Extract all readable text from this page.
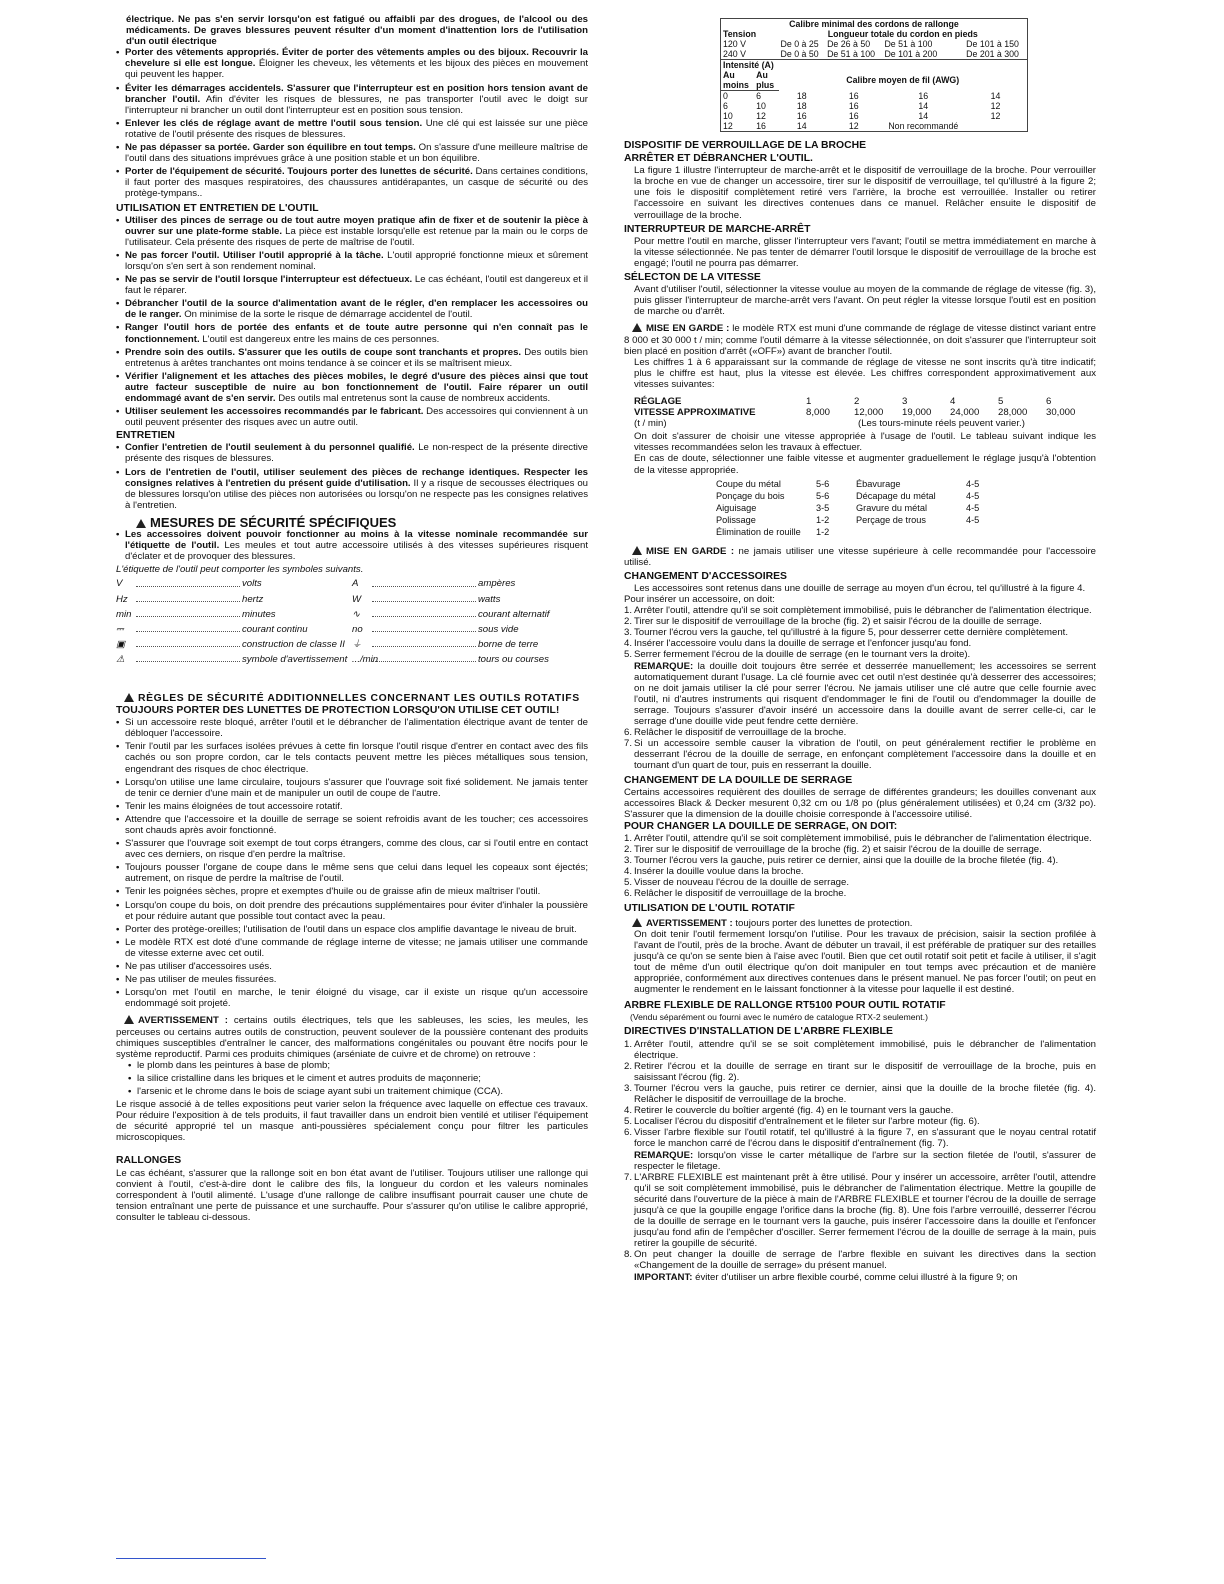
électrique. Ne pas s'en servir lorsqu'on est fatigué ou affaibli par des drogues, de l'alcool ou des médicaments. De graves blessures peuvent résulter d'un moment d'inattention lors de l'utilisation d'un outil électrique

• Porter des vêtements appropriés. Éviter de porter des vêtements amples ou des bijoux. Recouvrir la chevelure si elle est longue. Éloigner les cheveux, les vêtements et les bijoux des pièces en mouvement qui peuvent les happer.
• Éviter les démarrages accidentels. S'assurer que l'interrupteur est en position hors tension avant de brancher l'outil. Afin d'éviter les risques de blessures, ne pas transporter l'outil avec le doigt sur l'interrupteur ni brancher un outil dont l'interrupteur est en position sous tension.
• Enlever les clés de réglage avant de mettre l'outil sous tension. Une clé qui est laissée sur une pièce rotative de l'outil présente des risques de blessures.
• Ne pas dépasser sa portée. Garder son équilibre en tout temps. On s'assure d'une meilleure maîtrise de l'outil dans des situations imprévues grâce à une position stable et un bon équilibre.
• Porter de l'équipement de sécurité. Toujours porter des lunettes de sécurité. Dans certaines conditions, il faut porter des masques respiratoires, des chaussures antidérapantes, un casque de sécurité ou des protège-tympans..

UTILISATION ET ENTRETIEN DE L'OUTIL

• Utiliser des pinces de serrage ou de tout autre moyen pratique afin de fixer et de soutenir la pièce à ouvrer sur une plate-forme stable. La pièce est instable lorsqu'elle est retenue par la main ou le corps de l'utilisateur. Cela présente des risques de perte de maîtrise de l'outil.
• Ne pas forcer l'outil. Utiliser l'outil approprié à la tâche. L'outil approprié fonctionne mieux et sûrement lorsqu'on s'en sert à son rendement nominal.
• Ne pas se servir de l'outil lorsque l'interrupteur est défectueux. Le cas échéant, l'outil est dangereux et il faut le réparer.
• Débrancher l'outil de la source d'alimentation avant de le régler, d'en remplacer les accessoires ou de le ranger. On minimise de la sorte le risque de démarrage accidentel de l'outil.
• Ranger l'outil hors de portée des enfants et de toute autre personne qui n'en connaît pas le fonctionnement. L'outil est dangereux entre les mains de ces personnes.
• Prendre soin des outils. S'assurer que les outils de coupe sont tranchants et propres. Des outils bien entretenus à arêtes tranchantes ont moins tendance à se coincer et ils se maîtrisent mieux.
• Vérifier l'alignement et les attaches des pièces mobiles, le degré d'usure des pièces ainsi que tout autre facteur susceptible de nuire au bon fonctionnement de l'outil. Faire réparer un outil endommagé avant de s'en servir. Des outils mal entretenus sont la cause de nombreux accidents.
• Utiliser seulement les accessoires recommandés par le fabricant. Des accessoires qui conviennent à un outil peuvent présenter des risques avec un autre outil.

ENTRETIEN

• Confier l'entretien de l'outil seulement à du personnel qualifié. Le non-respect de la présente directive présente des risques de blessures.
• Lors de l'entretien de l'outil, utiliser seulement des pièces de rechange identiques. Respecter les consignes relatives à l'entretien du présent guide d'utilisation. Il y a risque de secousses électriques ou de blessures lorsqu'on utilise des pièces non autorisées ou lorsqu'on ne respecte pas les consignes relatives à l'entretien.

MESURES DE SÉCURITÉ SPÉCIFIQUES

• Les accessoires doivent pouvoir fonctionner au moins à la vitesse nominale recommandée sur l'étiquette de l'outil. Les meules et tout autre accessoire utilisés à des vitesses supérieures risquent d'éclater et de provoquer des blessures.

L'étiquette de l'outil peut comporter les symboles suivants.

V	volts	A	ampères
Hz	hertz	W	watts
min	minutes	∿	courant alternatif
⎓	courant continu	no	sous vide
▣	construction de classe II ⏚	borne de terre
⚠	symbole d'avertissement .../min	tours ou courses

RÈGLES DE SÉCURITÉ ADDITIONNELLES CONCERNANT LES OUTILS ROTATIFS

TOUJOURS PORTER DES LUNETTES DE PROTECTION LORSQU'ON UTILISE CET OUTIL!

• Si un accessoire reste bloqué, arrêter l'outil et le débrancher de l'alimentation électrique avant de tenter de débloquer l'accessoire.
• Tenir l'outil par les surfaces isolées prévues à cette fin lorsque l'outil risque d'entrer en contact avec des fils cachés ou son propre cordon, car le tels contacts peuvent mettre les pièces métalliques sous tension, engendrant des risques de choc électrique.
• Lorsqu'on utilise une lame circulaire, toujours s'assurer que l'ouvrage soit fixé solidement. Ne jamais tenter de tenir ce dernier d'une main et de manipuler un outil de coupe de l'autre.
• Tenir les mains éloignées de tout accessoire rotatif.
• Attendre que l'accessoire et la douille de serrage se soient refroidis avant de les toucher; ces accessoires sont chauds après avoir fonctionné.
• S'assurer que l'ouvrage soit exempt de tout corps étrangers, comme des clous, car si l'outil entre en contact avec ces derniers, on risque d'en perdre la maîtrise.
• Toujours pousser l'organe de coupe dans le même sens que celui dans lequel les copeaux sont éjectés; autrement, on risque de perdre la maîtrise de l'outil.
• Tenir les poignées sèches, propre et exemptes d'huile ou de graisse afin de mieux maîtriser l'outil.
• Lorsqu'on coupe du bois, on doit prendre des précautions supplémentaires pour éviter d'inhaler la poussière et pour réduire autant que possible tout contact avec la peau.
• Porter des protège-oreilles; l'utilisation de l'outil dans un espace clos amplifie davantage le niveau de bruit.
• Le modèle RTX est doté d'une commande de réglage interne de vitesse; ne jamais utiliser une commande de vitesse externe avec cet outil.
• Ne pas utiliser d'accessoires usés.
• Ne pas utiliser de meules fissurées.
• Lorsqu'on met l'outil en marche, le tenir éloigné du visage, car il existe un risque qu'un accessoire endommagé soit projeté.

AVERTISSEMENT : certains outils électriques, tels que les sableuses, les scies, les meules, les perceuses ou certains autres outils de construction, peuvent soulever de la poussière contenant des produits chimiques susceptibles d'entraîner le cancer, des malformations congénitales ou pouvant être nocifs pour le système reproductif. Parmi ces produits chimiques (arséniate de cuivre et de chrome) on retrouve :

• le plomb dans les peintures à base de plomb;
• la silice cristalline dans les briques et le ciment et autres produits de maçonnerie;
• l'arsenic et le chrome dans le bois de sciage ayant subi un traitement chimique (CCA).

Le risque associé à de telles expositions peut varier selon la fréquence avec laquelle on effectue ces travaux. Pour réduire l'exposition à de tels produits, il faut travailler dans un endroit bien ventilé et utiliser l'équipement de sécurité approprié tel un masque anti-poussières spécialement conçu pour filtrer les particules microscopiques.

RALLONGES

Le cas échéant, s'assurer que la rallonge soit en bon état avant de l'utiliser. Toujours utiliser une rallonge qui convient à l'outil, c'est-à-dire dont le calibre des fils, la longueur du cordon et les valeurs nominales correspondent à l'outil alimenté. L'usage d'une rallonge de calibre insuffisant pourrait causer une chute de tension entraînant une perte de puissance et une surchauffe. Pour s'assurer qu'on utilise le calibre approprié, consulter le tableau ci-dessous.

Calibre minimal des cordons de rallonge					
Tension		Longueur totale du cordon en pieds			
120 V		De 0 à 25	De 26 à 50	De 51 à 100	De 101 à 150
240 V		De 0 à 50	De 51 à 100	De 101 à 200	De 201 à 300
Intensité (A)					
Au	Au	Calibre moyen de fil (AWG)			
moins	plus				
0	6	18	16	16	14
6	10	18	16	14	12
10	12	16	16	14	12
12	16	14	12	Non recommandé	

DISPOSITIF DE VERROUILLAGE DE LA BROCHE

ARRÊTER ET DÉBRANCHER L'OUTIL.

La figure 1 illustre l'interrupteur de marche-arrêt et le dispositif de verrouillage de la broche. Pour verrouiller la broche en vue de changer un accessoire, tirer sur le dispositif de verrouillage, tel qu'illustré à la figure 2; une fois le dispositif complètement retiré vers l'arrière, la broche est verrouillée. Installer ou retirer l'accessoire en suivant les directives contenues dans ce manuel. Relâcher ensuite le dispositif de verrouillage de la broche.

INTERRUPTEUR DE MARCHE-ARRÊT

Pour mettre l'outil en marche, glisser l'interrupteur vers l'avant; l'outil se mettra immédiatement en marche à la vitesse sélectionnée. Ne pas tenter de démarrer l'outil lorsque le dispositif de verrouillage de la broche est engagé; l'outil ne pourra pas démarrer.

SÉLECTON DE LA VITESSE

Avant d'utiliser l'outil, sélectionner la vitesse voulue au moyen de la commande de réglage de vitesse (fig. 3), puis glisser l'interrupteur de marche-arrêt vers l'avant. On peut régler la vitesse lorsque l'outil est en position de marche ou d'arrêt.

MISE EN GARDE : le modèle RTX est muni d'une commande de réglage de vitesse distinct variant entre 8 000 et 30 000 t / min; comme l'outil démarre à la vitesse sélectionnée, on doit s'assurer que l'interrupteur soit bien placé en position d'arrêt («OFF») avant de brancher l'outil.

Les chiffres 1 à 6 apparaissant sur la commande de réglage de vitesse ne sont inscrits qu'à titre indicatif; plus le chiffre est haut, plus la vitesse est élevée. Les chiffres correspondent approximativement aux vitesses suivantes:

RÉGLAGE	1	2	3	4	5	6
VITESSE APPROXIMATIVE	8,000	12,000	19,000	24,000	28,000	30,000
(t / min)	(Les tours-minute réels peuvent varier.)

On doit s'assurer de choisir une vitesse appropriée à l'usage de l'outil. Le tableau suivant indique les vitesses recommandées selon les travaux à effectuer.

En cas de doute, sélectionner une faible vitesse et augmenter graduellement le réglage jusqu'à l'obtention de la vitesse appropriée.

Coupe du métal	5-6	Ébavurage	4-5
Ponçage du bois	5-6	Décapage du métal	4-5
Aiguisage	3-5	Gravure du métal	4-5
Polissage	1-2	Perçage de trous	4-5
Élimination de rouille	1-2

MISE EN GARDE : ne jamais utiliser une vitesse supérieure à celle recommandée pour l'accessoire utilisé.

CHANGEMENT D'ACCESSOIRES

Les accessoires sont retenus dans une douille de serrage au moyen d'un écrou, tel qu'illustré à la figure 4.

Pour insérer un accessoire, on doit:

1. Arrêter l'outil, attendre qu'il se soit complètement immobilisé, puis le débrancher de l'alimentation électrique.
2. Tirer sur le dispositif de verrouillage de la broche (fig. 2) et saisir l'écrou de la douille de serrage.
3. Tourner l'écrou vers la gauche, tel qu'illustré à la figure 5, pour desserrer cette dernière complètement.
4. Insérer l'accessoire voulu dans la douille de serrage et l'enfoncer jusqu'au fond.
5. Serrer fermement l'écrou de la douille de serrage (en le tournant vers la droite).

REMARQUE: la douille doit toujours être serrée et desserrée manuellement; les accessoires se serrent automatiquement durant l'usage. La clé fournie avec cet outil n'est destinée qu'à desserrer des accessoires; on ne doit jamais utiliser la clé pour serrer l'écrou. Ne jamais utiliser une clé autre que celle fournie avec l'outil, ni d'autres instruments qui risquent d'endommager le fini de l'outil ou d'endommager la douille de serrage. Toujours s'assurer d'avoir inséré un accessoire dans la douille avant de serrer celle-ci, car le serrage d'une douille vide peut fendre cette dernière.

6. Relâcher le dispositif de verrouillage de la broche.
7. Si un accessoire semble causer la vibration de l'outil, on peut généralement rectifier le problème en desserrant l'écrou de la douille de serrage, en enfonçant complètement l'accessoire dans la douille et en tournant d'un quart de tour, puis en resserrant la douille.

CHANGEMENT DE LA DOUILLE DE SERRAGE

Certains accessoires requièrent des douilles de serrage de différentes grandeurs; les douilles convenant aux accessoires Black & Decker mesurent 0,32 cm ou 1/8 po (plus généralement utilisées) et 0,24 cm (3/32 po). S'assurer que la dimension de la douille choisie corresponde à l'accessoire utilisé.

POUR CHANGER LA DOUILLE DE SERRAGE, ON DOIT:

1. Arrêter l'outil, attendre qu'il se soit complètement immobilisé, puis le débrancher de l'alimentation électrique.
2. Tirer sur le dispositif de verrouillage de la broche (fig. 2) et saisir l'écrou de la douille de serrage.
3. Tourner l'écrou vers la gauche, puis retirer ce dernier, ainsi que la douille de la broche filetée (fig. 4).
4. Insérer la douille voulue dans la broche.
5. Visser de nouveau l'écrou de la douille de serrage.
6. Relâcher le dispositif de verrouillage de la broche.

UTILISATION DE L'OUTIL ROTATIF

AVERTISSEMENT : toujours porter des lunettes de protection.

On doit tenir l'outil fermement lorsqu'on l'utilise. Pour les travaux de précision, saisir la section profilée à l'avant de l'outil, près de la broche. Avant de débuter un travail, il est préférable de pratiquer sur des retailles jusqu'à ce qu'on se sente bien à l'aise avec l'outil. Bien que cet outil rotatif soit petit et facile à utiliser, il s'agit tout de même d'un outil électrique qu'on doit manipuler en tout temps avec précaution et de manière appropriée, conformément aux directives contenues dans le présent manuel. Ne pas forcer l'outil; on peut en augmenter le rendement en le laissant fonctionner à la vitesse pour laquelle il est destiné.

ARBRE FLEXIBLE DE RALLONGE RT5100 POUR OUTIL ROTATIF

(Vendu séparément ou fourni avec le numéro de catalogue RTX-2 seulement.)

DIRECTIVES D'INSTALLATION DE L'ARBRE FLEXIBLE

1. Arrêter l'outil, attendre qu'il se se soit complètement immobilisé, puis le débrancher de l'alimentation électrique.
2. Retirer l'écrou et la douille de serrage en tirant sur le dispositif de verrouillage de la broche, puis en saisissant l'écrou (fig. 2).
3. Tourner l'écrou vers la gauche, puis retirer ce dernier, ainsi que la douille de la broche filetée (fig. 4). Relâcher le dispositif de verrouillage de la broche.
4. Retirer le couvercle du boîtier argenté (fig. 4) en le tournant vers la gauche.
5. Localiser l'écrou du dispositif d'entraînement et le fileter sur l'arbre moteur (fig. 6).
6. Visser l'arbre flexible sur l'outil rotatif, tel qu'illustré à la figure 7, en s'assurant que le noyau central rotatif force le manchon carré de l'écrou dans le dispositif d'entraînement (fig. 7).

REMARQUE: lorsqu'on visse le carter métallique de l'arbre sur la section filetée de l'outil, s'assurer de respecter le filetage.

7. L'ARBRE FLEXIBLE est maintenant prêt à être utilisé. Pour y insérer un accessoire, arrêter l'outil, attendre qu'il se soit complètement immobilisé, puis le débrancher de l'alimentation électrique. Mettre la goupille de sécurité dans l'ouverture de la pièce à main de l'ARBRE FLEXIBLE et tourner l'écrou de la douille de serrage jusqu'à ce que la goupille engage l'orifice dans la broche (fig. 8). Une fois l'arbre verrouillé, desserrer l'écrou de la douille de serrage en le tournant vers la gauche, puis insérer l'accessoire dans la douille et l'enfoncer jusqu'au fond afin de l'empêcher d'osciller. Serrer fermement l'écrou de la douille de serrage à la main, puis retirer la goupille de sécurité.
8. On peut changer la douille de serrage de l'arbre flexible en suivant les directives dans la section «Changement de la douille de serrage» du présent manuel.

IMPORTANT: éviter d'utiliser un arbre flexible courbé, comme celui illustré à la figure 9; on
